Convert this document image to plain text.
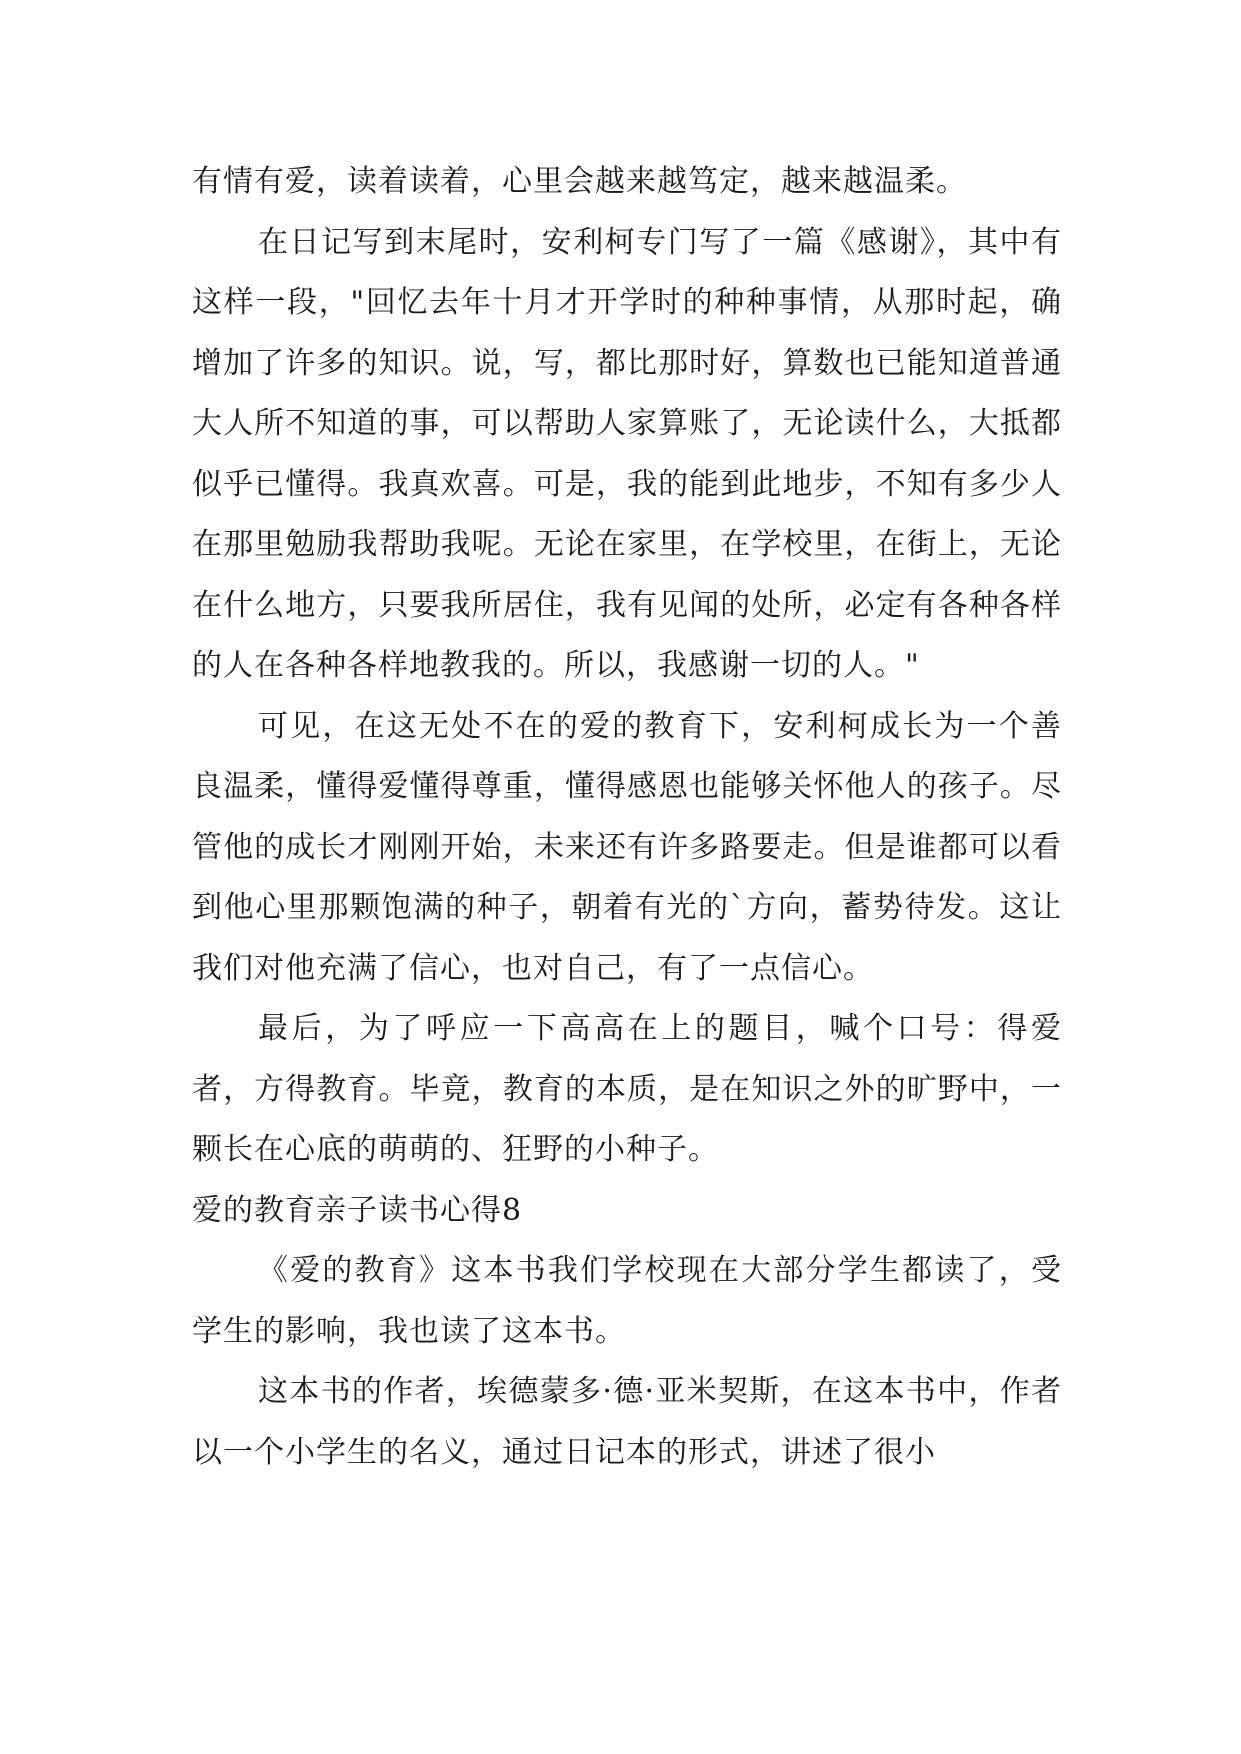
有情有爱，读着读着，心里会越来越笃定，越来越温柔。

在日记写到末尾时，安利柯专门写了一篇《感谢》，其中有这样一段，"回忆去年十月才开学时的种种事情，从那时起，确增加了许多的知识。说，写，都比那时好，算数也已能知道普通大人所不知道的事，可以帮助人家算账了，无论读什么，大抵都似乎已懂得。我真欢喜。可是，我的能到此地步，不知有多少人在那里勉励我帮助我呢。无论在家里，在学校里，在街上，无论在什么地方，只要我所居住，我有见闻的处所，必定有各种各样的人在各种各样地教我的。所以，我感谢一切的人。"

可见，在这无处不在的爱的教育下，安利柯成长为一个善良温柔，懂得爱懂得尊重，懂得感恩也能够关怀他人的孩子。尽管他的成长才刚刚开始，未来还有许多路要走。但是谁都可以看到他心里那颗饱满的种子，朝着有光的`方向，蓄势待发。这让我们对他充满了信心，也对自己，有了一点信心。

最后，为了呼应一下高高在上的题目，喊个口号：得爱者，方得教育。毕竟，教育的本质，是在知识之外的旷野中，一颗长在心底的萌萌的、狂野的小种子。

爱的教育亲子读书心得8

《爱的教育》这本书我们学校现在大部分学生都读了，受学生的影响，我也读了这本书。

这本书的作者，埃德蒙多·德·亚米契斯，在这本书中，作者以一个小学生的名义，通过日记本的形式，讲述了很小
